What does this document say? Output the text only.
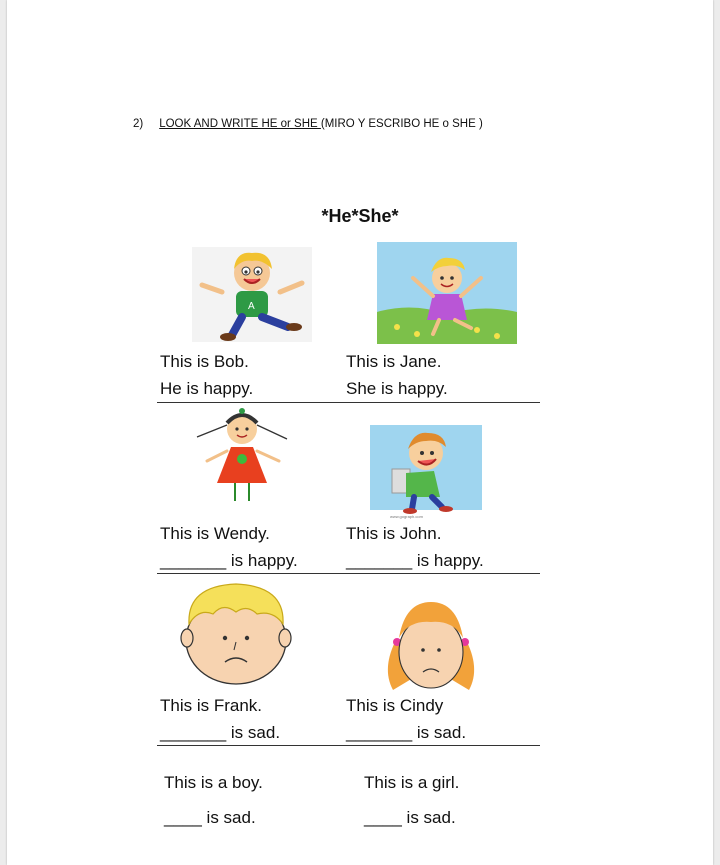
2) LOOK AND WRITE HE or SHE (MIRO Y ESCRIBO HE o SHE )
*He*She*
A
This is Bob.
He is happy.
This is Jane.
She is happy.
www.gograph.com
This is Wendy.
_______ is happy.
This is John.
_______ is happy.
This is Frank.
_______ is sad.
This is Cindy
_______ is sad.
This is a boy.
____ is sad.
This is a girl.
____ is sad.
